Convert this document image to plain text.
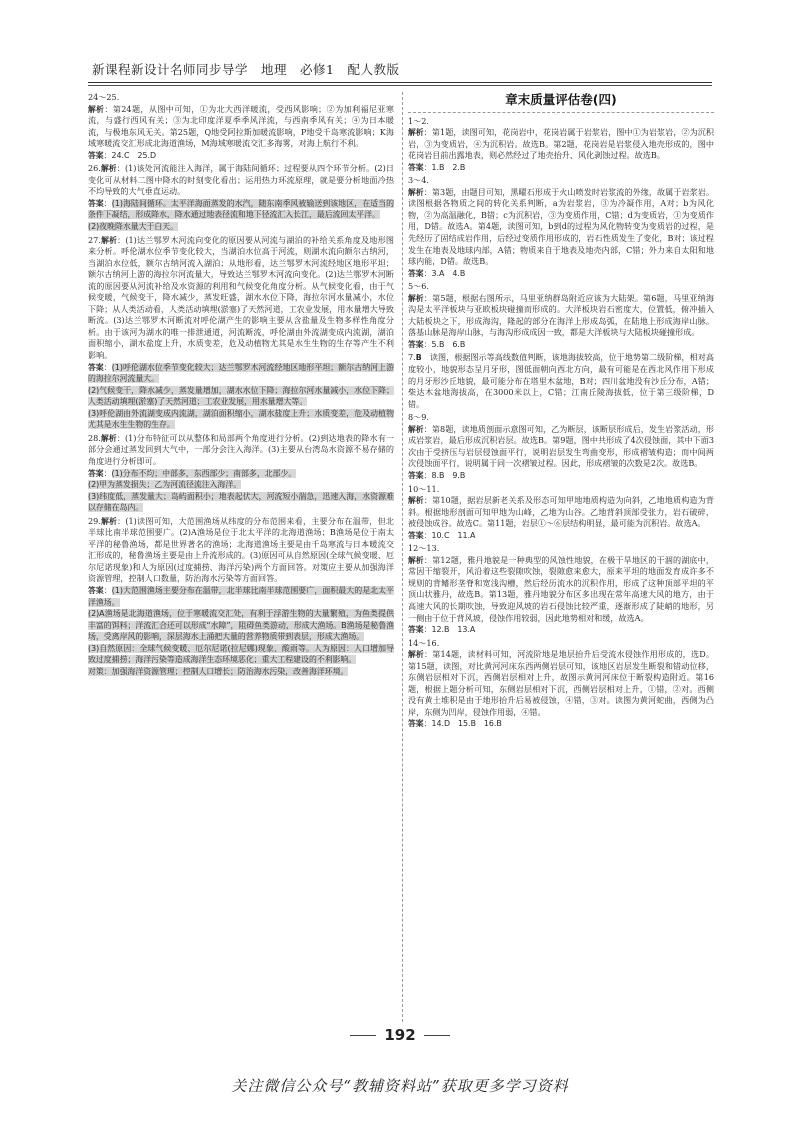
新课程新设计名师同步导学　地理　必修1　配人教版
24～25.
解析：第24题，从图中可知，①为北大西洋暖流，受西风影响；②为加利福尼亚寒流，与盛行西风有关；③为北印度洋夏季季风洋流，与西南季风有关；④为日本暖流，与极地东风无关。第25题，Q地受阿拉斯加暖流影响，P地受千岛寒流影响；K海域寒暖流交汇形成北海道渔场，M海域寒暖流交汇多海雾，对海上航行不利。
答案：24.C　25.D
26.解析：(1)该处河流能注入海洋，属于海陆间循环；过程要从四个环节分析。(2)日变化可从材料二图中降水的时刻变化看出；运用热力环流原理，就是要分析地面冷热不均导致的大气垂直运动。
答案：(1)海陆间循环。太平洋海面蒸发的水汽，随东南季风被输送到该地区，在适当的条件下凝结，形成降水，降水通过地表径流和地下径流汇入长江，最后流回太平洋。
(2)夜晚降水量大于白天。
27.解析：(1)达兰鄂罗木河流向变化的原因要从河流与湖泊的补给关系角度及地形图来分析。呼伦湖水位季节变化较大，当湖泊水位高于河流，则湖水流向额尔古纳河，当湖泊水位低，额尔古纳河流入湖泊；从地形看，达兰鄂罗木河流经地区地形平坦；额尔古纳河上游的海拉尔河流量大，导致达兰鄂罗木河流向变化。(2)达兰鄂罗木河断流的原因要从河流补给及水资源的利用和气候变化角度分析。从气候变化看，由于气候变暖，气候变干，降水减少，蒸发旺盛，湖水水位下降，海拉尔河水量减小，水位下降；从人类活动看，人类活动填埋(淤塞)了天然河道，工农业发展，用水量增大导致断流。(3)达兰鄂罗木河断流对呼伦湖产生的影响主要从含盐量及生物多样性角度分析。由于该河为湖水的唯一排泄通道，河流断流，呼伦湖由外流湖变成内流湖，湖泊面积缩小，湖水盐度上升，水质变差，危及动植物尤其是水生生物的生存等产生不利影响。
答案：(1)呼伦湖水位季节变化较大；达兰鄂罗木河流经地区地形平坦；额尔古纳河上游的海拉尔河流量大。
(2)气候变干，降水减少，蒸发量增加，湖水水位下降；海拉尔河水量减小，水位下降；人类活动填埋(淤塞)了天然河道；工农业发展，用水量增大等。
(3)呼伦湖由外流湖变成内流湖，湖泊面积缩小，湖水盐度上升；水质变差，危及动植物尤其是水生生物的生存。
28.解析：(1)分布特征可以从整体和局部两个角度进行分析。(2)到达地表的降水有一部分会通过蒸发回到大气中，一部分会注入海洋。(3)主要从台湾岛水资源不易存储的角度进行分析即可。
答案：(1)分布不均；中部多，东西部少；南部多，北部少。
(2)甲为蒸发损失；乙为河流径流注入海洋。
(3)纬度低，蒸发量大；岛屿面积小；地表起伏大，河流短小湍急，迅速入海，水资源难以存储在岛内。
29.解析：(1)读图可知，大范围渔场从纬度的分布范围来看，主要分布在温带，但北半球比南半球范围要广。(2)A渔场是位于北太平洋的北海道渔场；B渔场是位于南太平洋的秘鲁渔场，都是世界著名的渔场；北海道渔场主要是由千岛寒流与日本暖流交汇形成的，秘鲁渔场主要是由上升流形成的。(3)原因可从自然原因(全球气候变暖、厄尔尼诺现象)和人为原因(过度捕捞、海洋污染)两个方面回答。对策应主要从加强海洋资源管理，控制人口数量，防治海水污染等方面回答。
答案：(1)大范围渔场主要分布在温带，北半球比南半球范围要广，面积最大的是北太平洋渔场。
(2)A渔场是北海道渔场，位于寒暖流交汇处，有利于浮游生物的大量繁殖，为鱼类提供丰富的饵料；洋流汇合还可以形成“水障”，阻碍鱼类游动，形成大渔场。B渔场是秘鲁渔场，受离岸风的影响，深层海水上涌把大量的营养物质带到表层，形成大渔场。
(3)自然原因：全球气候变暖、厄尔尼诺(拉尼娜)现象、酸雨等。人为原因：人口增加导致过度捕捞；海洋污染等造成海洋生态环境恶化；重大工程建设的不利影响。
对策：加强海洋资源管理；控制人口增长；防治海水污染，改善海洋环境。
章末质量评估卷(四)
1～2.
解析：第1题，读图可知，花岗岩中，花岗岩属于岩浆岩，图中①为岩浆岩，②为沉积岩，③为变质岩，④为沉积岩。故选B。第2题，花岗岩是岩浆侵入地壳形成的，图中花岗岩目前出露地表，则必然经过了地壳抬升、风化剥蚀过程。故选B。
答案：1.B　2.B
3～4.
解析：第3题，由题目可知，黑曜石形成于火山喷发时岩浆流的外缘，故属于岩浆岩。读图根据各物质之间的转化关系判断，a为岩浆岩，③为冷凝作用，A对；b为风化物，②为高温融化，B错；c为沉积岩，③为变质作用，C错；d为变质岩，①为变质作用，D错。故选A。第4题，读图可知，b到d的过程为风化物转变为变质岩的过程，是先经历了固结成岩作用，后经过变质作用形成的，岩石性质发生了变化，B对；该过程发生在地表及地球内部，A错；物质来自于地表及地壳内部，C错；外力来自太阳和地球内能，D错。故选B。
答案：3.A　4.B
5～6.
解析：第5题，根据右图所示，马里亚纳群岛附近应该为大陆架。第6题，马里亚纳海沟是太平洋板块与亚欧板块碰撞而形成的。大洋板块岩石密度大，位置低，俯冲插入大陆板块之下，形成海沟，隆起的部分在海洋上形成岛弧，在陆地上形成海岸山脉。落基山脉是海岸山脉，与海沟形成成因一致，都是大洋板块与大陆板块碰撞形成。
答案：5.B　6.B
7.B　 读图，根据图示等高线数值判断，该地海拔较高，位于地势第二级阶梯，相对高度较小，地貌形态呈月牙形，图低面朝向西北方向，最有可能是在西北风作用下形成的月牙形沙丘地貌，最可能分布在塔里木盆地，B对；四川盆地没有沙丘分布，A错；柴达木盆地海拔高，在3000米以上，C错；江南丘陵海拔低，位于第三级阶梯，D错。
8～9.
解析：第8题，读地质剖面示意图可知，乙为断层，该断层形成后，发生岩浆活动，形成岩浆岩，最后形成沉积岩层。故选B。第9题，图中共形成了4次侵蚀面，其中下面3次由于受挤压与岩层侵蚀面平行，说明岩层发生弯曲变形，形成褶皱构造；而中间两次侵蚀面平行，说明属于同一次褶皱过程。因此，形成褶皱的次数是2次。故选B。
答案：8.B　9.B
10～11.
解析：第10题，据岩层新老关系及形态可知甲地地质构造为向斜，乙地地质构造为背斜。根据地形剖面可知甲地为山峰，乙地为山谷。乙地背斜顶部受张力，岩石破碎，被侵蚀成谷。故选C。第11题，岩层①～⑥层结构明显，最可能为沉积岩。故选A。
答案：10.C　11.A
12～13.
解析：第12题，雅丹地貌是一种典型的风蚀性地貌，在极干旱地区的干涸的湖底中，常因干缩裂开，风沿着这些裂隙吹蚀，裂隙愈来愈大，原来平坦的地面发育成许多不规则的背鳍形垄脊和宽浅沟槽，然后经历流水的沉积作用，形成了这种顶部平坦的平顶山状雅丹，故选B。第13题，雅丹地貌分布区多出现在常年高速大风的地方，由于高速大风的长期吹蚀，导致迎风坡的岩石侵蚀比较严重，逐渐形成了陡峭的地形，另一侧由于位于背风坡，侵蚀作用较弱，因此地势相对和缓，故选A。
答案：12.B　13.A
14～16.
解析：第14题，读材料可知，河流阶地是地层抬升后受流水侵蚀作用形成的，选D。第15题，读图，对比黄河河床东西两侧岩层可知，该地区岩层发生断裂和错动位移，东侧岩层相对下沉，西侧岩层相对上升，故图示黄河河床位于断裂构造附近。第16题，根据上题分析可知，东侧岩层相对下沉，西侧岩层相对上升，①错，②对。西侧没有黄土堆积是由于地形抬升后易被侵蚀，④错，③对。读图为黄河蛇曲，西侧为凸岸，东侧为凹岸，侵蚀作用弱，④错。
答案：14.D　15.B　16.B
192
关注微信公众号“教辅资料站”获取更多学习资料
